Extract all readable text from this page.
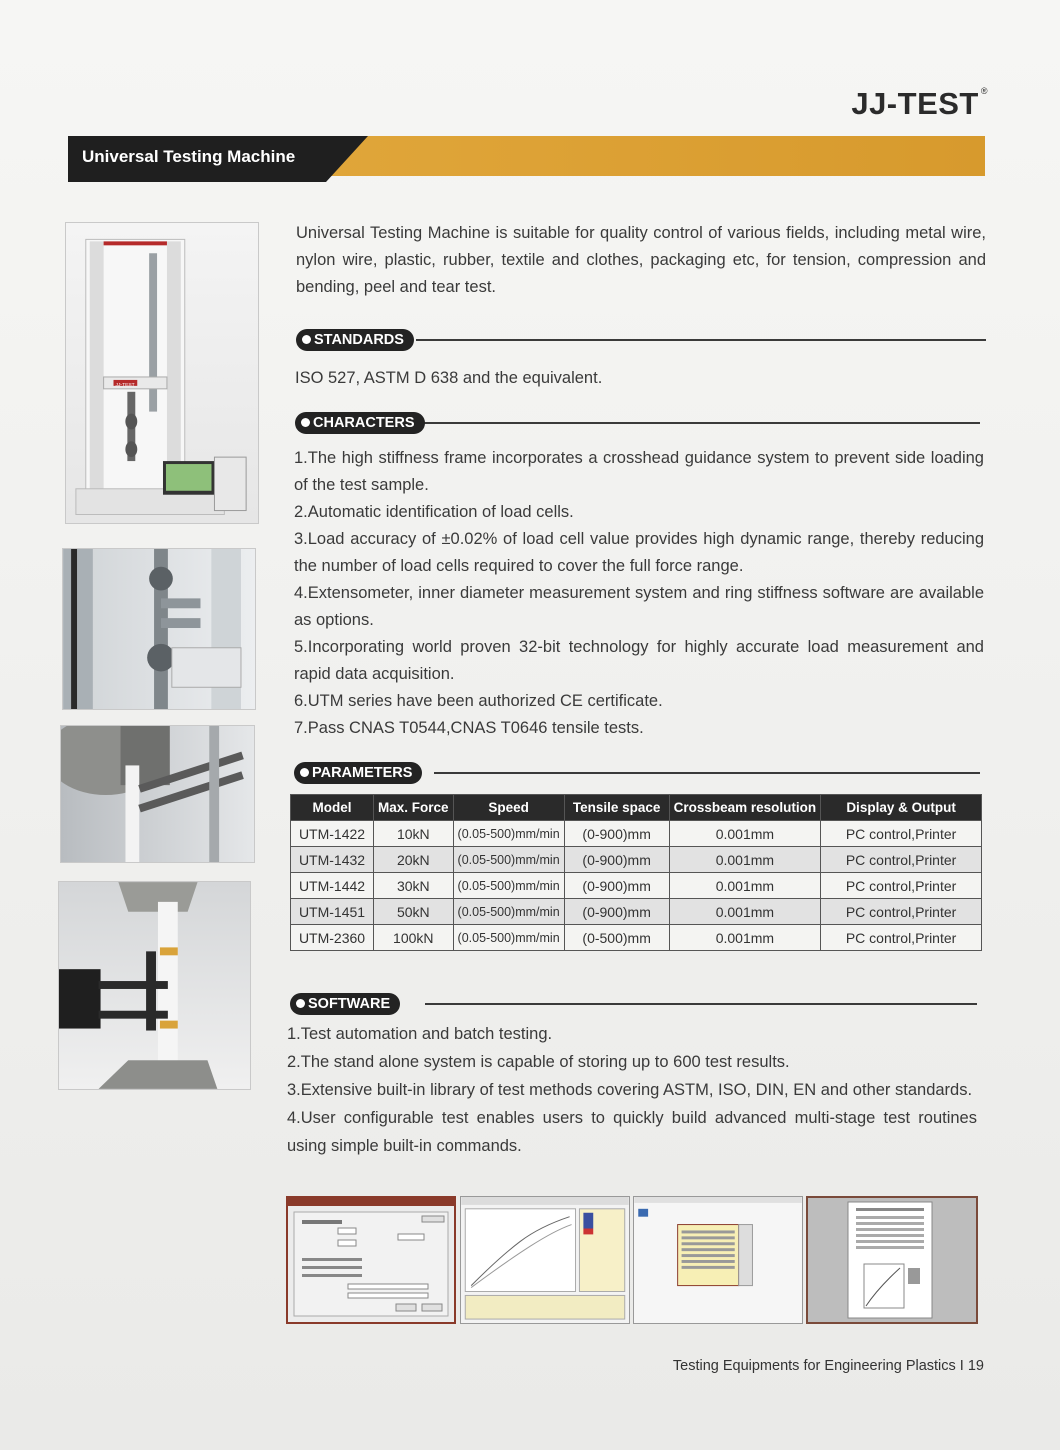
JJ-TEST ®
Universal Testing Machine
JJ-TEST
Universal Testing Machine is suitable for quality control of various fields, including metal wire, nylon wire, plastic, rubber, textile and clothes, packaging etc, for tension, compression and bending, peel and tear test.
STANDARDS
ISO 527, ASTM D 638 and the equivalent.
CHARACTERS

1.The high stiffness frame incorporates a crosshead guidance system to prevent side loading of the test sample.

2.Automatic identification of load cells.

3.Load accuracy of ±0.02% of load cell value provides high dynamic range, thereby reducing the number of load cells required to cover the full force range.

4.Extensometer, inner diameter measurement system and ring stiffness software are available as options.

5.Incorporating world proven 32-bit technology for highly accurate load measurement and rapid data acquisition.

6.UTM series have been authorized CE certificate.

7.Pass CNAS T0544,CNAS T0646 tensile tests.

PARAMETERS
Model	Max. Force	Speed	Tensile space	Crossbeam resolution	Display & Output
UTM-1422	10kN	(0.05-500)mm/min	(0-900)mm	0.001mm	PC control,Printer
UTM-1432	20kN	(0.05-500)mm/min	(0-900)mm	0.001mm	PC control,Printer
UTM-1442	30kN	(0.05-500)mm/min	(0-900)mm	0.001mm	PC control,Printer
UTM-1451	50kN	(0.05-500)mm/min	(0-900)mm	0.001mm	PC control,Printer
UTM-2360	100kN	(0.05-500)mm/min	(0-500)mm	0.001mm	PC control,Printer
SOFTWARE

1.Test automation and batch testing.

2.The stand alone system is capable of storing up to 600 test results.

3.Extensive built-in library of test methods covering ASTM, ISO, DIN, EN and other standards.

4.User configurable test enables users to quickly build advanced multi-stage test routines using simple built-in commands.

Testing Equipments for Engineering Plastics I 19
